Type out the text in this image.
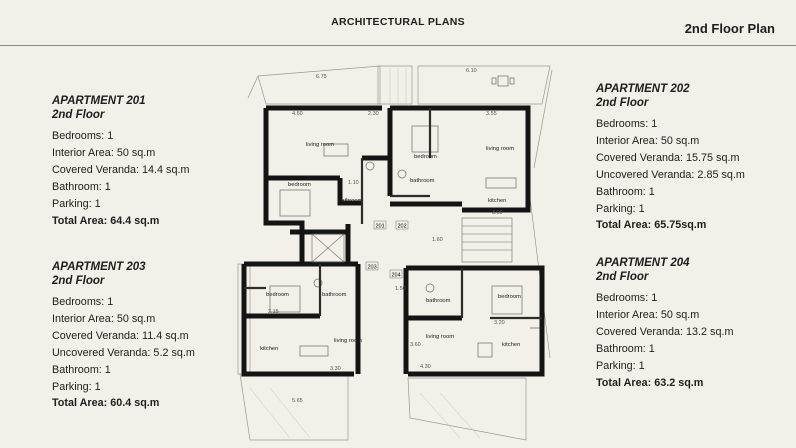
ARCHITECTURAL PLANS	2nd Floor Plan
APARTMENT 201
2nd Floor
Bedrooms: 1
Interior Area: 50 sq.m
Covered Veranda: 14.4 sq.m
Bathroom: 1
Parking: 1
Total Area: 64.4 sq.m
APARTMENT 202
2nd Floor
Bedrooms: 1
Interior Area: 50 sq.m
Covered Veranda: 15.75 sq.m
Uncovered Veranda: 2.85 sq.m
Bathroom: 1
Parking: 1
Total Area: 65.75sq.m
APARTMENT 203
2nd Floor
Bedrooms: 1
Interior Area: 50 sq.m
Covered Veranda: 11.4 sq.m
Uncovered Veranda: 5.2 sq.m
Bathroom: 1
Parking: 1
Total Area: 60.4 sq.m
APARTMENT 204
2nd Floor
Bedrooms: 1
Interior Area: 50 sq.m
Covered Veranda: 13.2 sq.m
Bathroom: 1
Parking: 1
Total Area: 63.2 sq.m
6.75
6.10
4.60	2.30	3.55
1.10
3.00
1.60
2.15
3.30
3.20
4.30
5.65
3.60
1.50
living room
bedroom
bathroom
bedroom
living room
bathroom
kitchen
bedroom	bathroom
kitchen
living room
bathroom
bedroom
living room
kitchen
201 202
203
204
